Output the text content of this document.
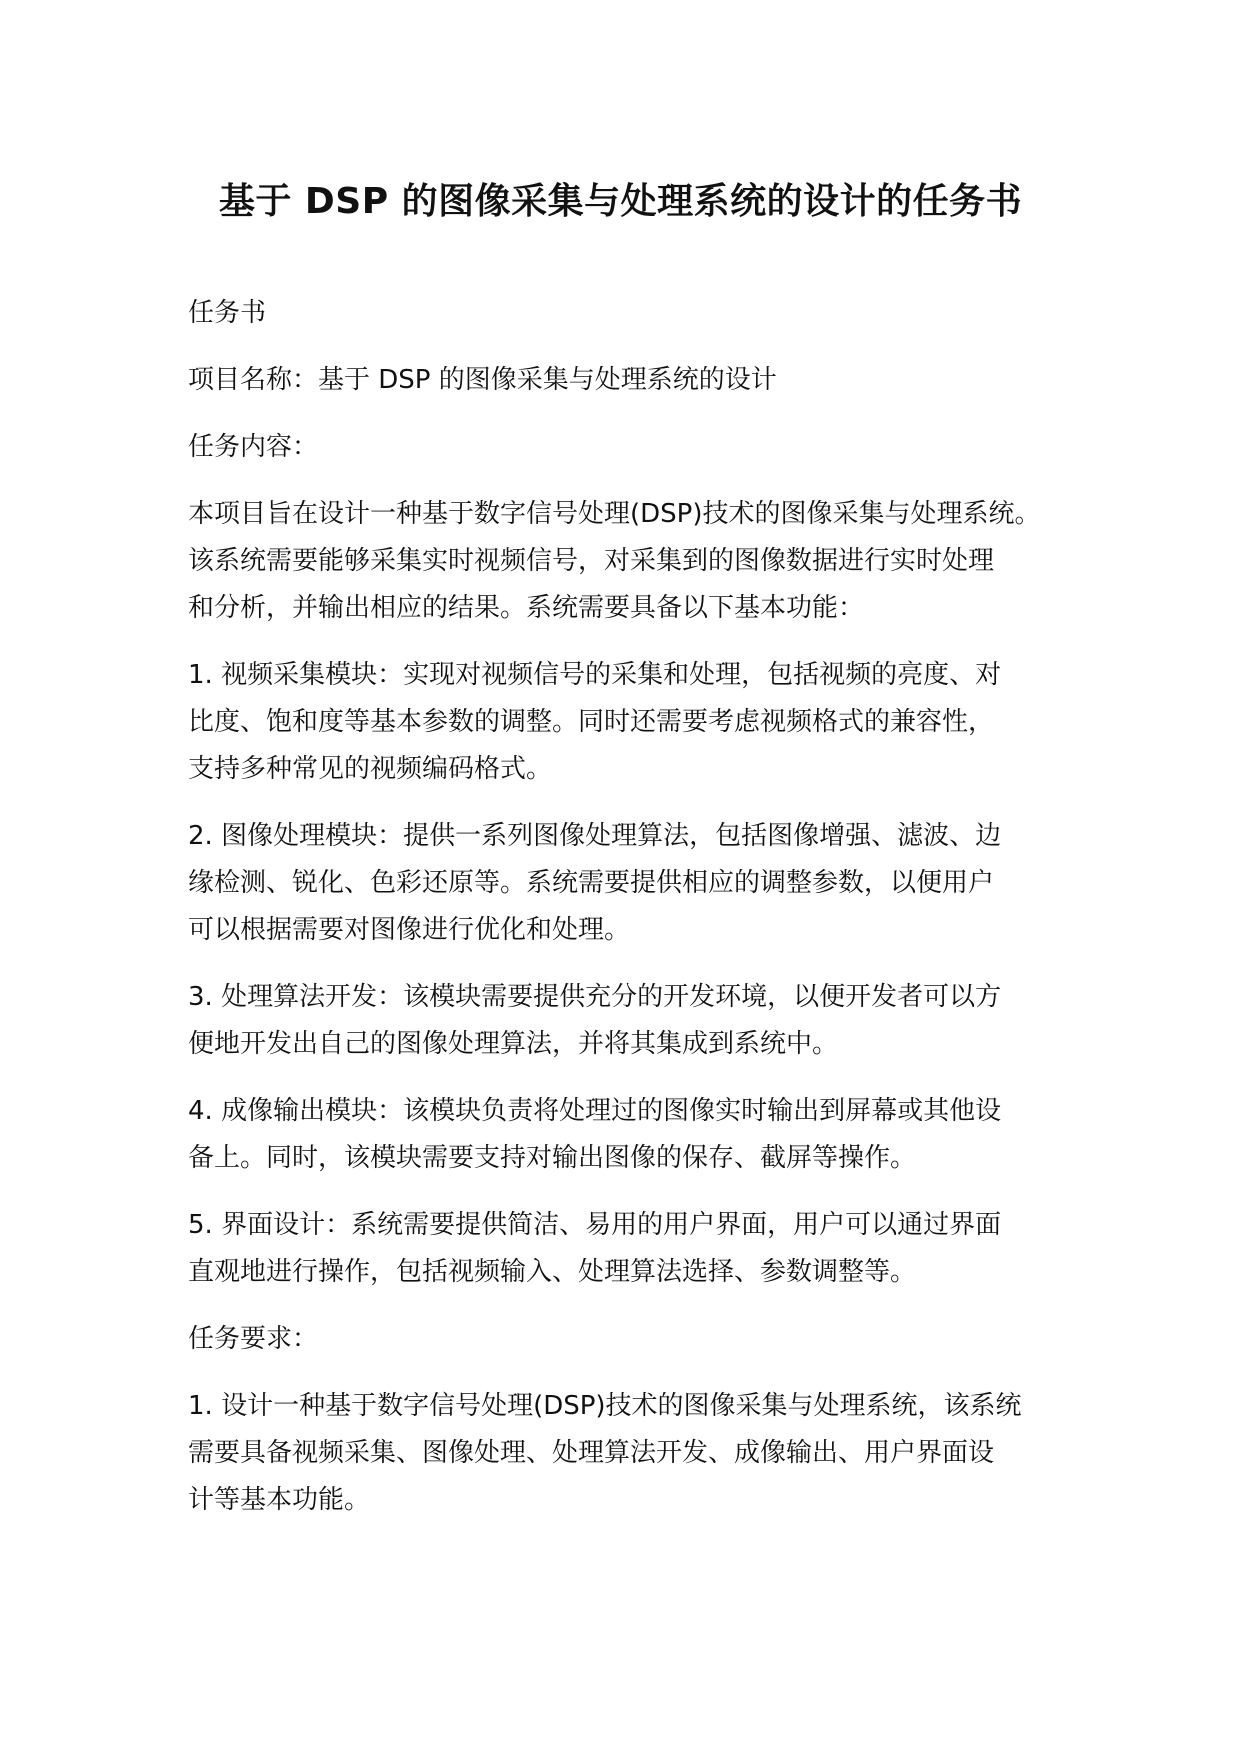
基于 DSP 的图像采集与处理系统的设计的任务书

任务书

项目名称：基于 DSP 的图像采集与处理系统的设计

任务内容：

本项目旨在设计一种基于数字信号处理(DSP)技术的图像采集与处理系统。
该系统需要能够采集实时视频信号，对采集到的图像数据进行实时处理
和分析，并输出相应的结果。系统需要具备以下基本功能：

1. 视频采集模块：实现对视频信号的采集和处理，包括视频的亮度、对
比度、饱和度等基本参数的调整。同时还需要考虑视频格式的兼容性，
支持多种常见的视频编码格式。

2. 图像处理模块：提供一系列图像处理算法，包括图像增强、滤波、边
缘检测、锐化、色彩还原等。系统需要提供相应的调整参数，以便用户
可以根据需要对图像进行优化和处理。

3. 处理算法开发：该模块需要提供充分的开发环境，以便开发者可以方
便地开发出自己的图像处理算法，并将其集成到系统中。

4. 成像输出模块：该模块负责将处理过的图像实时输出到屏幕或其他设
备上。同时，该模块需要支持对输出图像的保存、截屏等操作。

5. 界面设计：系统需要提供简洁、易用的用户界面，用户可以通过界面
直观地进行操作，包括视频输入、处理算法选择、参数调整等。

任务要求：

1. 设计一种基于数字信号处理(DSP)技术的图像采集与处理系统，该系统
需要具备视频采集、图像处理、处理算法开发、成像输出、用户界面设
计等基本功能。
